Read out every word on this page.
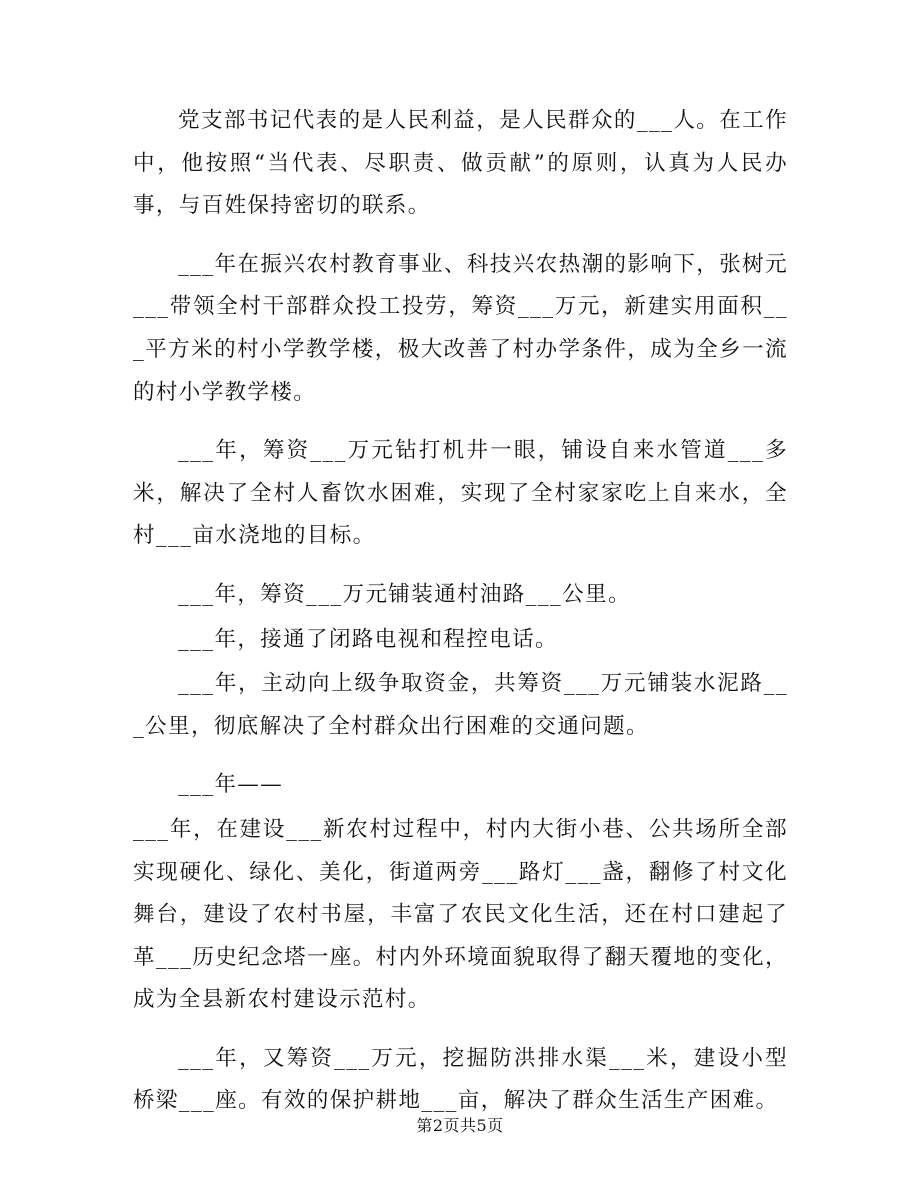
党支部书记代表的是人民利益，是人民群众的___人。在工作中，他按照“当代表、尽职责、做贡献”的原则，认真为人民办事，与百姓保持密切的联系。

___年在振兴农村教育事业、科技兴农热潮的影响下，张树元___带领全村干部群众投工投劳，筹资___万元，新建实用面积___平方米的村小学教学楼，极大改善了村办学条件，成为全乡一流的村小学教学楼。

___年，筹资___万元钻打机井一眼，铺设自来水管道___多米，解决了全村人畜饮水困难，实现了全村家家吃上自来水，全村___亩水浇地的目标。

___年，筹资___万元铺装通村油路___公里。

___年，接通了闭路电视和程控电话。

___年，主动向上级争取资金，共筹资___万元铺装水泥路___公里，彻底解决了全村群众出行困难的交通问题。

___年——

___年，在建设___新农村过程中，村内大街小巷、公共场所全部实现硬化、绿化、美化，街道两旁___路灯___盏，翻修了村文化舞台，建设了农村书屋，丰富了农民文化生活，还在村口建起了革___历史纪念塔一座。村内外环境面貌取得了翻天覆地的变化，成为全县新农村建设示范村。

___年，又筹资___万元，挖掘防洪排水渠___米，建设小型桥梁___座。有效的保护耕地___亩，解决了群众生活生产困难。

第2页共5页
